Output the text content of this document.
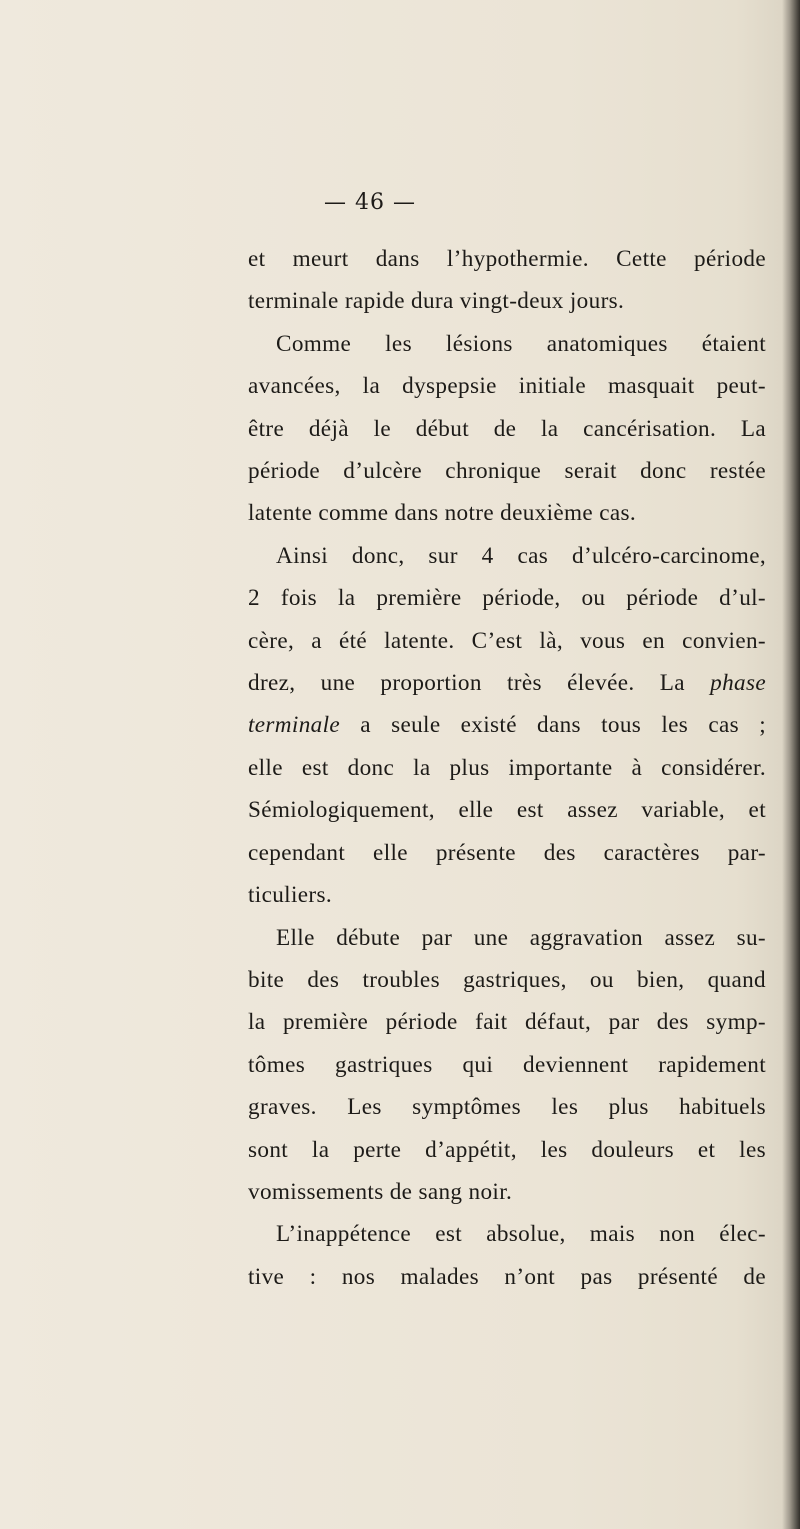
— 46 —
et meurt dans l’hypothermie. Cette période
terminale rapide dura vingt-deux jours.
Comme les lésions anatomiques étaient
avancées, la dyspepsie initiale masquait peut-
être déjà le début de la cancérisation. La
période d’ulcère chronique serait donc restée
latente comme dans notre deuxième cas.
Ainsi donc, sur 4 cas d’ulcéro-carcinome,
2 fois la première période, ou période d’ul-
cère, a été latente. C’est là, vous en convien-
drez, une proportion très élevée. La phase
terminale a seule existé dans tous les cas ;
elle est donc la plus importante à considérer.
Sémiologiquement, elle est assez variable, et
cependant elle présente des caractères par-
ticuliers.
Elle débute par une aggravation assez su-
bite des troubles gastriques, ou bien, quand
la première période fait défaut, par des symp-
tômes gastriques qui deviennent rapidement
graves. Les symptômes les plus habituels
sont la perte d’appétit, les douleurs et les
vomissements de sang noir.
L’inappétence est absolue, mais non élec-
tive : nos malades n’ont pas présenté de
